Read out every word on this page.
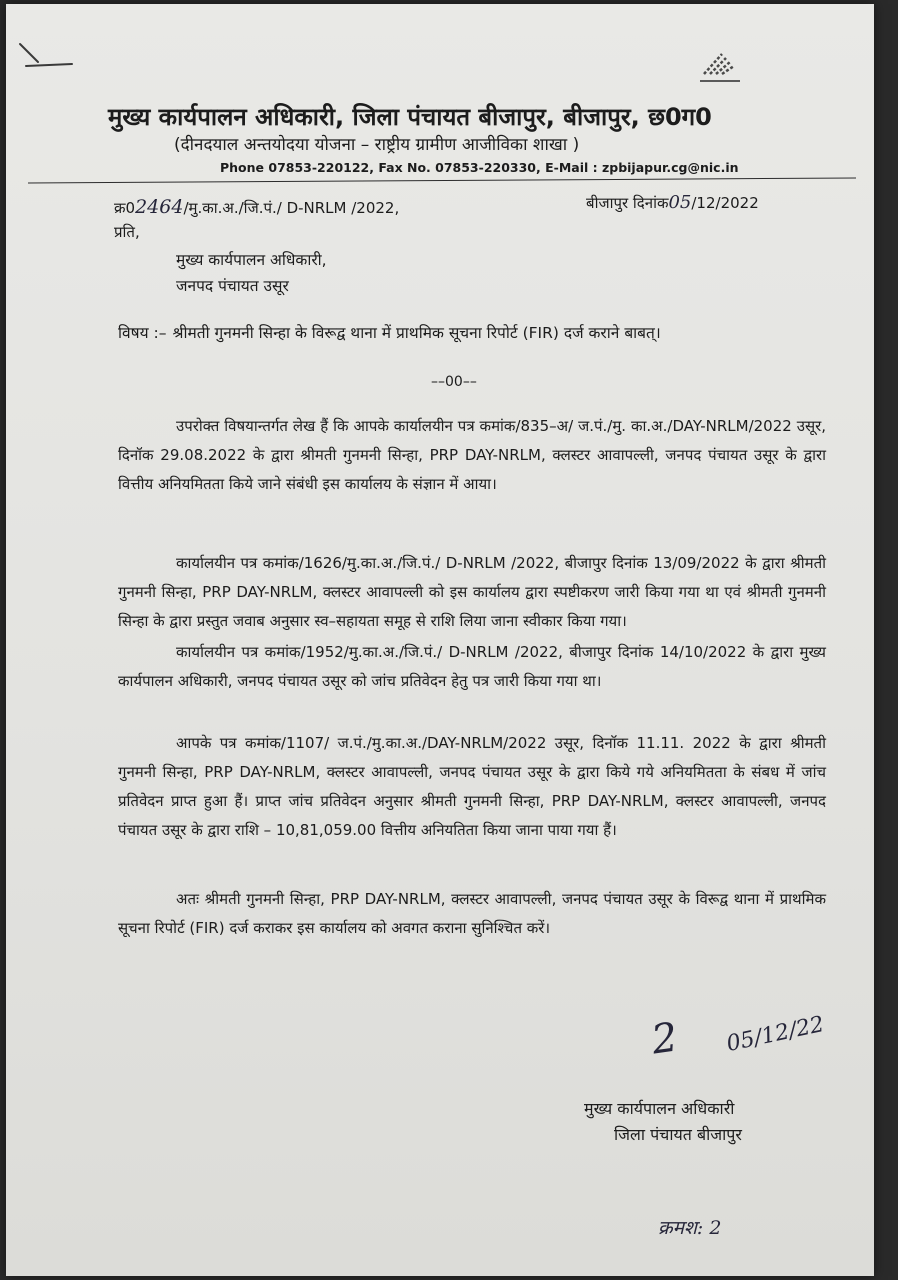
मुख्य कार्यपालन अधिकारी, जिला पंचायत बीजापुर, बीजापुर, छ0ग0
(दीनदयाल अन्तयोदया योजना – राष्ट्रीय ग्रामीण आजीविका शाखा )
Phone 07853-220122, Fax No. 07853-220330, E-Mail : zpbijapur.cg@nic.in
क्र02464/मु.का.अ./जि.पं./ D-NRLM /2022,	बीजापुर दिनांक05/12/2022
प्रति,
मुख्य कार्यपालन अधिकारी,
जनपद पंचायत उसूर
विषय :– श्रीमती गुनमनी सिन्हा के विरूद्व थाना में प्राथमिक सूचना रिपोर्ट (FIR) दर्ज कराने बाबत्।
––00––
उपरोक्त विषयान्तर्गत लेख हैं कि आपके कार्यालयीन पत्र कमांक/835–अ/ ज.पं./मु. का.अ./DAY-NRLM/2022 उसूर, दिनॉक 29.08.2022 के द्वारा श्रीमती गुनमनी सिन्हा, PRP DAY-NRLM, क्लस्टर आवापल्ली, जनपद पंचायत उसूर के द्वारा वित्तीय अनियमितता किये जाने संबंधी इस कार्यालय के संज्ञान में आया।
कार्यालयीन पत्र कमांक/1626/मु.का.अ./जि.पं./ D-NRLM /2022, बीजापुर दिनांक 13/09/2022 के द्वारा श्रीमती गुनमनी सिन्हा, PRP DAY-NRLM, क्लस्टर आवापल्ली को इस कार्यालय द्वारा स्पष्टीकरण जारी किया गया था एवं श्रीमती गुनमनी सिन्हा के द्वारा प्रस्तुत जवाब अनुसार स्व–सहायता समूह से राशि लिया जाना स्वीकार किया गया।
कार्यालयीन पत्र कमांक/1952/मु.का.अ./जि.पं./ D-NRLM /2022, बीजापुर दिनांक 14/10/2022 के द्वारा मुख्य कार्यपालन अधिकारी, जनपद पंचायत उसूर को जांच प्रतिवेदन हेतु पत्र जारी किया गया था।
आपके पत्र कमांक/1107/ ज.पं./मु.का.अ./DAY-NRLM/2022 उसूर, दिनॉक 11.11. 2022 के द्वारा श्रीमती गुनमनी सिन्हा, PRP DAY-NRLM, क्लस्टर आवापल्ली, जनपद पंचायत उसूर के द्वारा किये गये अनियमितता के संबध में जांच प्रतिवेदन प्राप्त हुआ हैं। प्राप्त जांच प्रतिवेदन अनुसार श्रीमती गुनमनी सिन्हा, PRP DAY-NRLM, क्लस्टर आवापल्ली, जनपद पंचायत उसूर के द्वारा राशि – 10,81,059.00 वित्तीय अनियतिता किया जाना पाया गया हैं।
अतः श्रीमती गुनमनी सिन्हा, PRP DAY-NRLM, क्लस्टर आवापल्ली, जनपद पंचायत उसूर के विरूद्व थाना में प्राथमिक सूचना रिपोर्ट (FIR) दर्ज कराकर इस कार्यालय को अवगत कराना सुनिश्चित करें।
2 05/12/22
मुख्य कार्यपालन अधिकारी
जिला पंचायत बीजापुर
क्रमश: 2
